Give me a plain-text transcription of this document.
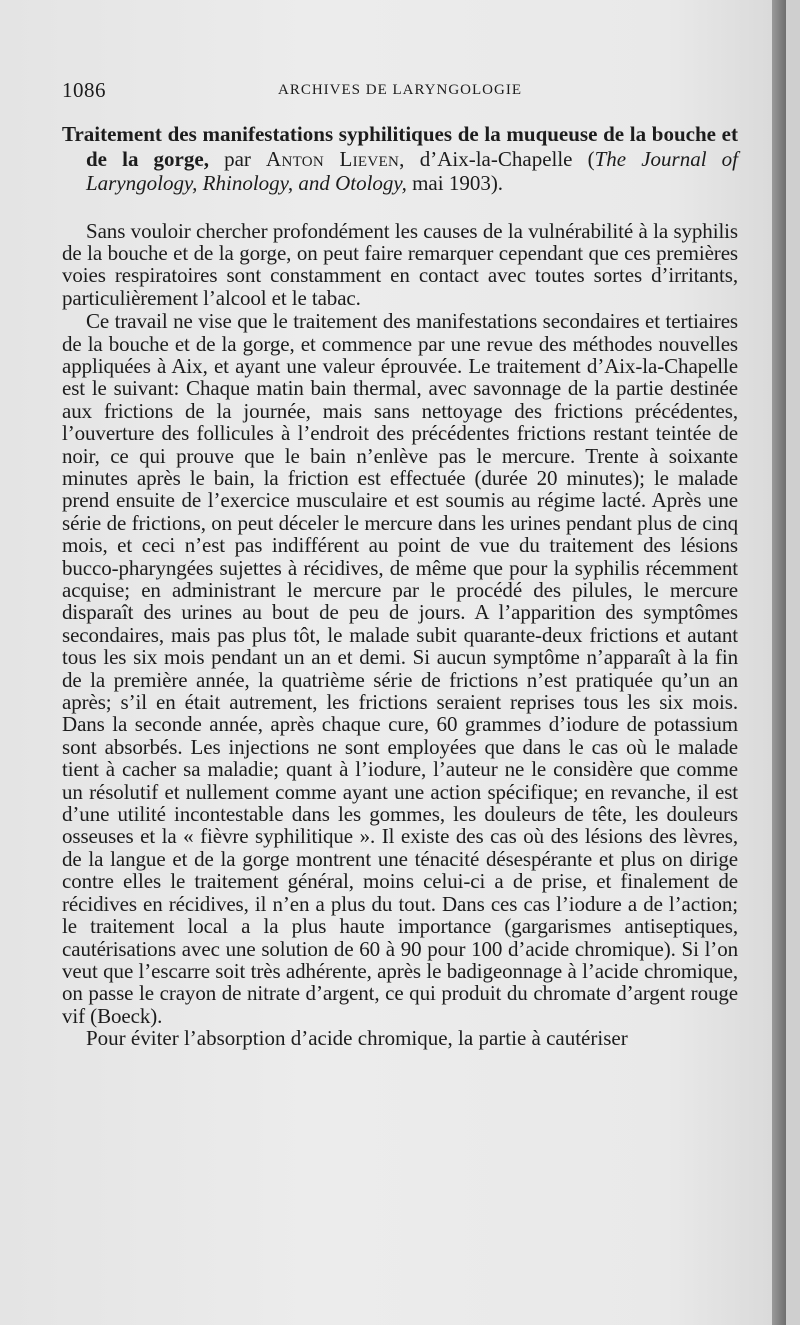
1086	ARCHIVES DE LARYNGOLOGIE

Traitement des manifestations syphilitiques de la muqueuse de la bouche et de la gorge, par Anton Lieven, d’Aix-la-Chapelle (The Journal of Laryngology, Rhinology, and Otology, mai 1903).

Sans vouloir chercher profondément les causes de la vulnérabilité à la syphilis de la bouche et de la gorge, on peut faire remarquer cependant que ces premières voies respiratoires sont constamment en contact avec toutes sortes d’irritants, particulièrement l’alcool et le tabac.

Ce travail ne vise que le traitement des manifestations secondaires et tertiaires de la bouche et de la gorge, et commence par une revue des méthodes nouvelles appliquées à Aix, et ayant une valeur éprouvée. Le traitement d’Aix-la-Chapelle est le suivant: Chaque matin bain thermal, avec savonnage de la partie destinée aux frictions de la journée, mais sans nettoyage des frictions précédentes, l’ouverture des follicules à l’endroit des précédentes frictions restant teintée de noir, ce qui prouve que le bain n’enlève pas le mercure. Trente à soixante minutes après le bain, la friction est effectuée (durée 20 minutes); le malade prend ensuite de l’exercice musculaire et est soumis au régime lacté. Après une série de frictions, on peut déceler le mercure dans les urines pendant plus de cinq mois, et ceci n’est pas indifférent au point de vue du traitement des lésions bucco-pharyngées sujettes à récidives, de même que pour la syphilis récemment acquise; en administrant le mercure par le procédé des pilules, le mercure disparaît des urines au bout de peu de jours. A l’apparition des symptômes secondaires, mais pas plus tôt, le malade subit quarante-deux frictions et autant tous les six mois pendant un an et demi. Si aucun symptôme n’apparaît à la fin de la première année, la quatrième série de frictions n’est pratiquée qu’un an après; s’il en était autrement, les frictions seraient reprises tous les six mois. Dans la seconde année, après chaque cure, 60 grammes d’iodure de potassium sont absorbés. Les injections ne sont employées que dans le cas où le malade tient à cacher sa maladie; quant à l’iodure, l’auteur ne le considère que comme un résolutif et nullement comme ayant une action spécifique; en revanche, il est d’une utilité incontestable dans les gommes, les douleurs de tête, les douleurs osseuses et la « fièvre syphilitique ». Il existe des cas où des lésions des lèvres, de la langue et de la gorge montrent une ténacité désespérante et plus on dirige contre elles le traitement général, moins celui-ci a de prise, et finalement de récidives en récidives, il n’en a plus du tout. Dans ces cas l’iodure a de l’action; le traitement local a la plus haute importance (gargarismes antiseptiques, cautérisations avec une solution de 60 à 90 pour 100 d’acide chromique). Si l’on veut que l’escarre soit très adhérente, après le badigeonnage à l’acide chromique, on passe le crayon de nitrate d’argent, ce qui produit du chromate d’argent rouge vif (Boeck).

Pour éviter l’absorption d’acide chromique, la partie à cautériser
